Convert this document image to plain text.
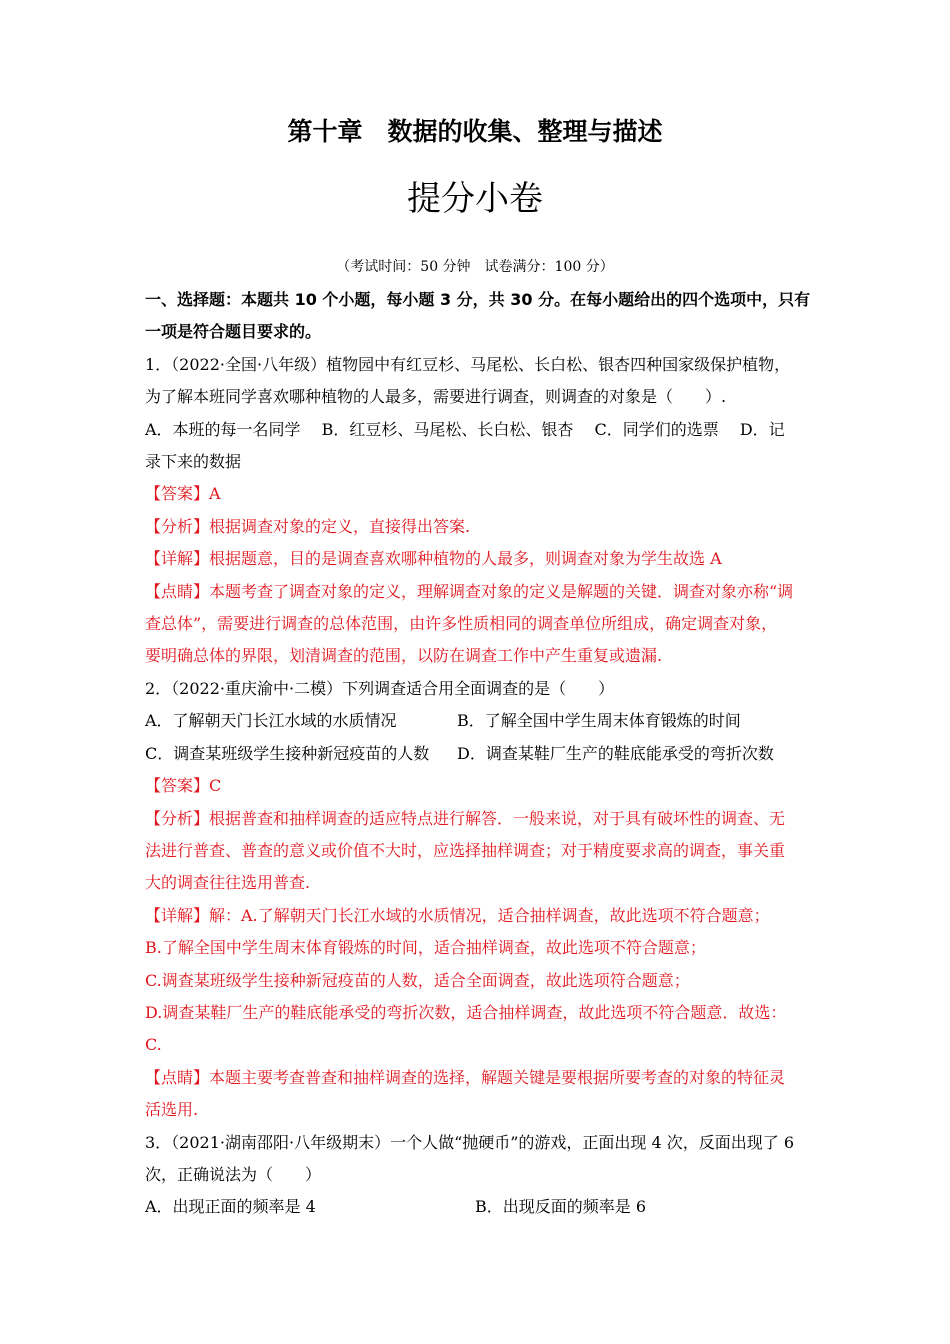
第十章　数据的收集、整理与描述
提分小卷
（考试时间：50 分钟　试卷满分：100 分）

一、选择题：本题共 10 个小题，每小题 3 分，共 30 分。在每小题给出的四个选项中，只有

一项是符合题目要求的。

1．（2022·全国·八年级）植物园中有红豆杉、马尾松、长白松、银杏四种国家级保护植物，

为了解本班同学喜欢哪种植物的人最多，需要进行调查，则调查的对象是（　　）.

A．本班的每一名同学　 B．红豆杉、马尾松、长白松、银杏　 C．同学们的选票　 D．记

录下来的数据

【答案】A

【分析】根据调查对象的定义，直接得出答案.

【详解】根据题意，目的是调查喜欢哪种植物的人最多，则调查对象为学生故选 A

【点睛】本题考查了调查对象的定义，理解调查对象的定义是解题的关键．调查对象亦称“调

查总体”，需要进行调查的总体范围，由许多性质相同的调查单位所组成，确定调查对象，

要明确总体的界限，划清调查的范围，以防在调查工作中产生重复或遗漏.

2．（2022·重庆渝中·二模）下列调查适合用全面调查的是（　　）

A．了解朝天门长江水域的水质情况	B．了解全国中学生周末体育锻炼的时间
C．调查某班级学生接种新冠疫苗的人数	D．调查某鞋厂生产的鞋底能承受的弯折次数

【答案】C

【分析】根据普查和抽样调查的适应特点进行解答．一般来说，对于具有破坏性的调查、无

法进行普查、普查的意义或价值不大时，应选择抽样调查；对于精度要求高的调查，事关重

大的调查往往选用普查.

【详解】解：A.了解朝天门长江水域的水质情况，适合抽样调查，故此选项不符合题意；

B.了解全国中学生周末体育锻炼的时间，适合抽样调查，故此选项不符合题意；

C.调查某班级学生接种新冠疫苗的人数，适合全面调查，故此选项符合题意；

D.调查某鞋厂生产的鞋底能承受的弯折次数，适合抽样调查，故此选项不符合题意．故选：

C.

【点睛】本题主要考查普查和抽样调查的选择，解题关键是要根据所要考查的对象的特征灵

活选用.

3．（2021·湖南邵阳·八年级期末）一个人做“抛硬币”的游戏，正面出现 4 次，反面出现了 6

次，正确说法为（　　）

A．出现正面的频率是 4	B．出现反面的频率是 6
